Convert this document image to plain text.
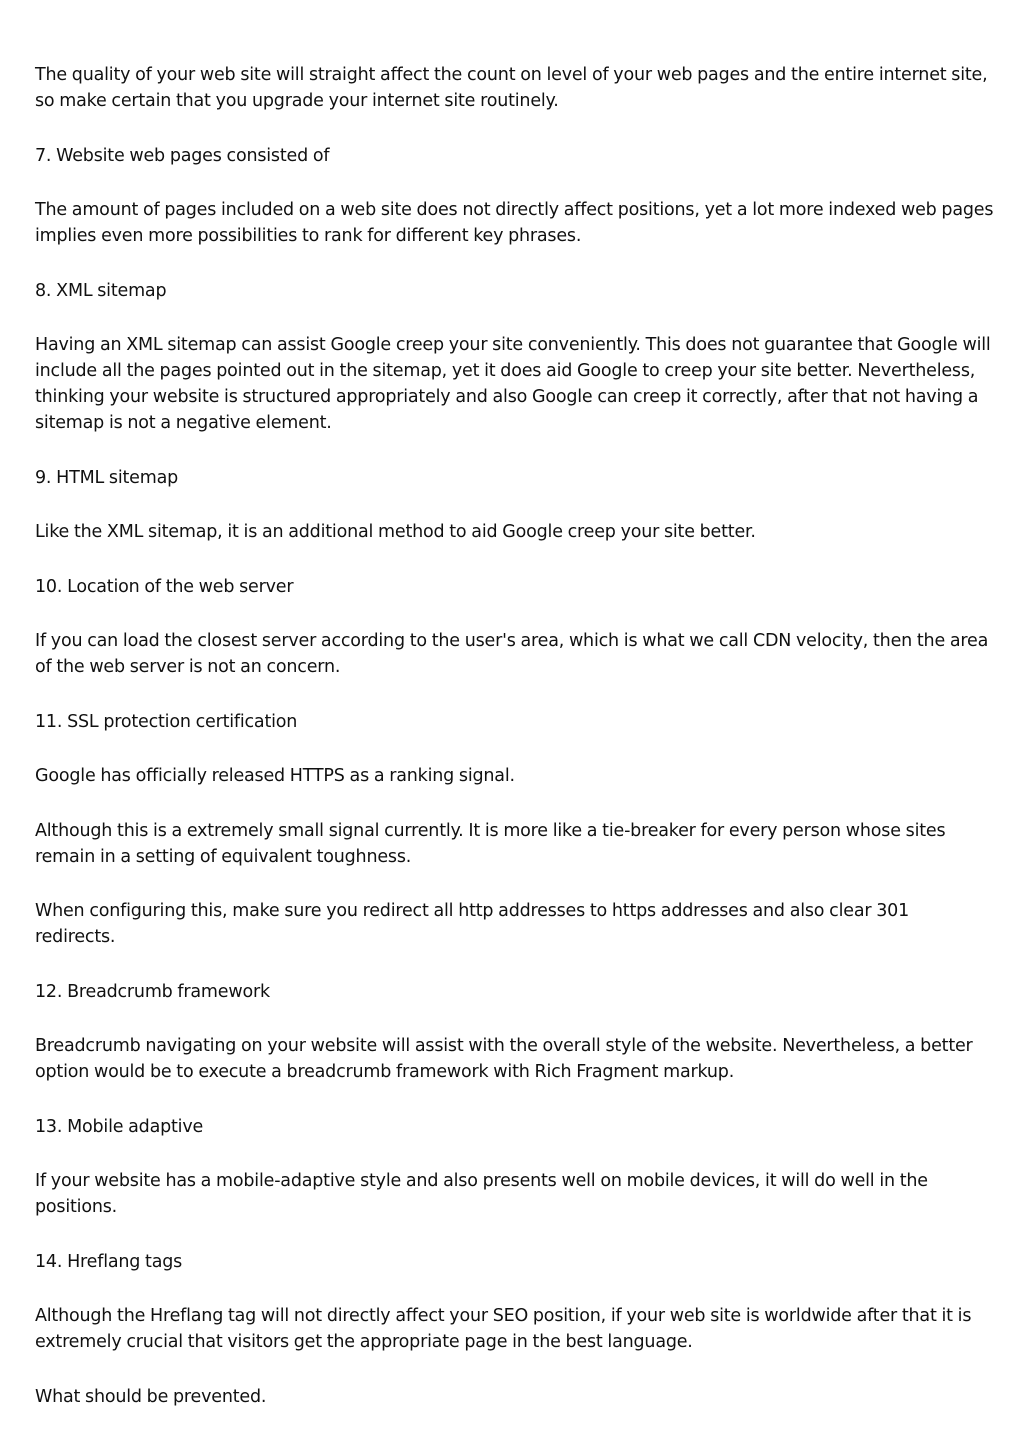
The quality of your web site will straight affect the count on level of your web pages and the entire internet site, so make certain that you upgrade your internet site routinely.

7. Website web pages consisted of

The amount of pages included on a web site does not directly affect positions, yet a lot more indexed web pages implies even more possibilities to rank for different key phrases.

8. XML sitemap

Having an XML sitemap can assist Google creep your site conveniently. This does not guarantee that Google will include all the pages pointed out in the sitemap, yet it does aid Google to creep your site better. Nevertheless, thinking your website is structured appropriately and also Google can creep it correctly, after that not having a sitemap is not a negative element.

9. HTML sitemap

Like the XML sitemap, it is an additional method to aid Google creep your site better.

10. Location of the web server

If you can load the closest server according to the user's area, which is what we call CDN velocity, then the area of the web server is not an concern.

11. SSL protection certification

Google has officially released HTTPS as a ranking signal.

Although this is a extremely small signal currently. It is more like a tie-breaker for every person whose sites remain in a setting of equivalent toughness.

When configuring this, make sure you redirect all http addresses to https addresses and also clear 301 redirects.

12. Breadcrumb framework

Breadcrumb navigating on your website will assist with the overall style of the website. Nevertheless, a better option would be to execute a breadcrumb framework with Rich Fragment markup.

13. Mobile adaptive

If your website has a mobile-adaptive style and also presents well on mobile devices, it will do well in the positions.

14. Hreflang tags

Although the Hreflang tag will not directly affect your SEO position, if your web site is worldwide after that it is extremely crucial that visitors get the appropriate page in the best language.

What should be prevented.
